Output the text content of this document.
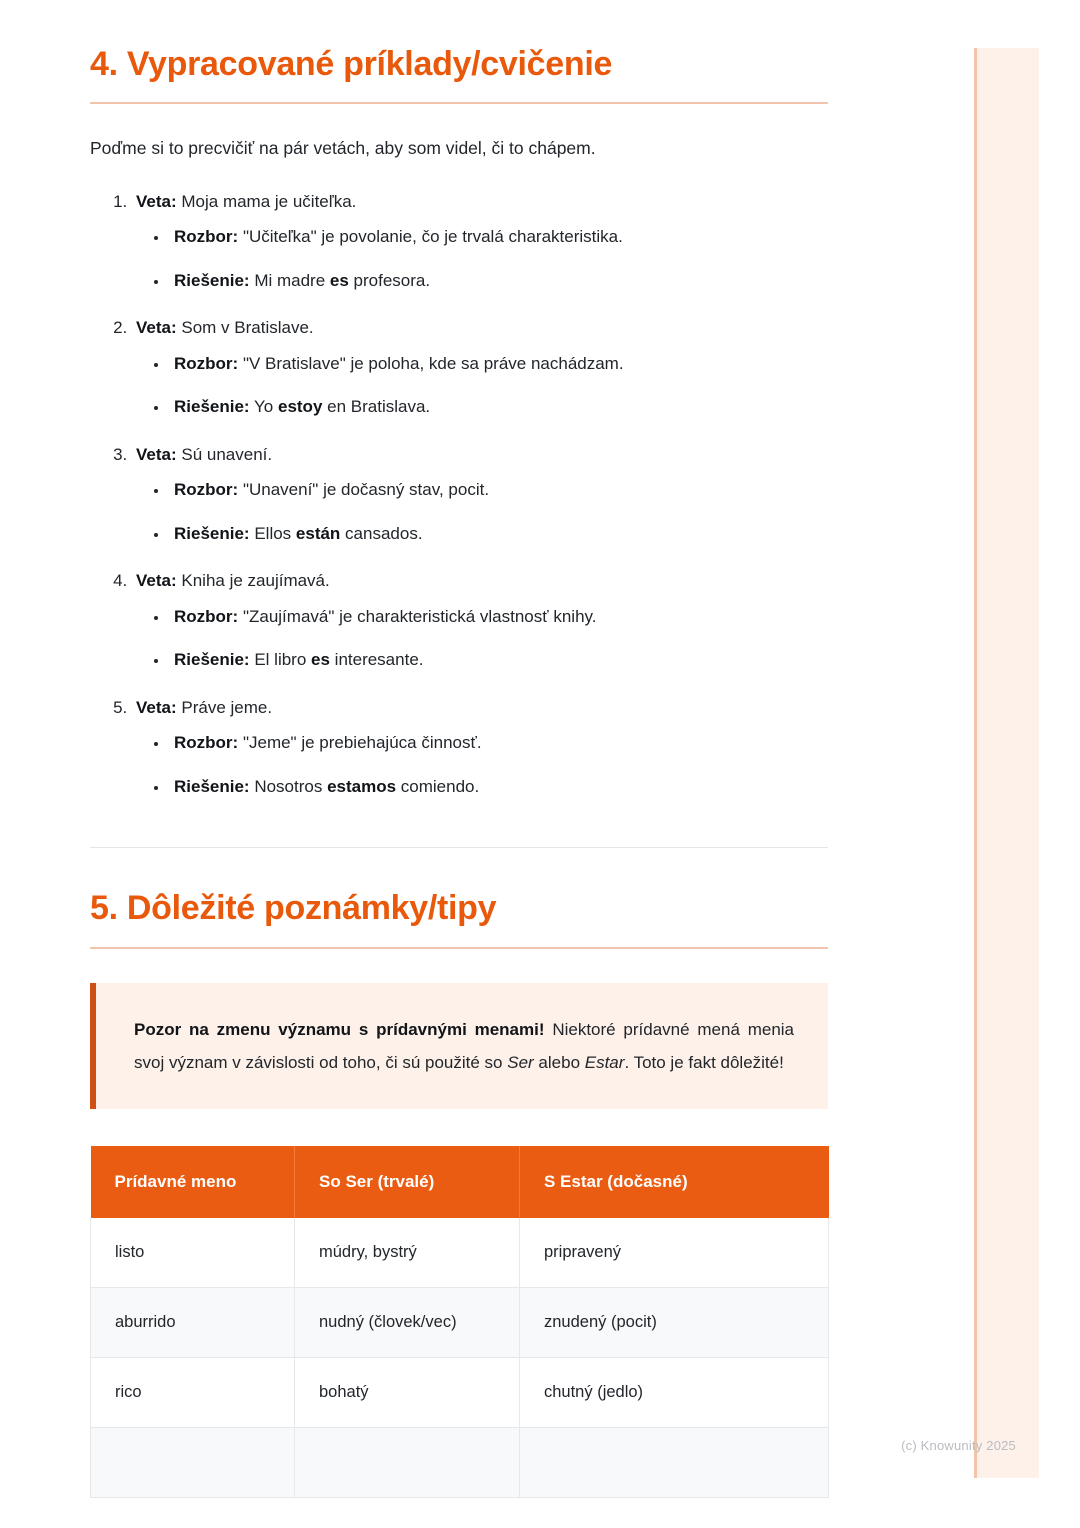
4. Vypracované príklady/cvičenie

Poďme si to precvičiť na pár vetách, aby som videl, či to chápem.

1. Veta: Moja mama je učiteľka.
• Rozbor: "Učiteľka" je povolanie, čo je trvalá charakteristika.
• Riešenie: Mi madre es profesora.
2. Veta: Som v Bratislave.
• Rozbor: "V Bratislave" je poloha, kde sa práve nachádzam.
• Riešenie: Yo estoy en Bratislava.
3. Veta: Sú unavení.
• Rozbor: "Unavení" je dočasný stav, pocit.
• Riešenie: Ellos están cansados.
4. Veta: Kniha je zaujímavá.
• Rozbor: "Zaujímavá" je charakteristická vlastnosť knihy.
• Riešenie: El libro es interesante.
5. Veta: Práve jeme.
• Rozbor: "Jeme" je prebiehajúca činnosť.
• Riešenie: Nosotros estamos comiendo.
5. Dôležité poznámky/tipy

Pozor na zmenu významu s prídavnými menami! Niektoré prídavné mená menia svoj význam v závislosti od toho, či sú použité so Ser alebo Estar. Toto je fakt dôležité!

Prídavné meno	So Ser (trvalé)	S Estar (dočasné)
listo	múdry, bystrý	pripravený
aburrido	nudný (človek/vec)	znudený (pocit)
rico	bohatý	chutný (jedlo)

(c) Knowunity 2025
